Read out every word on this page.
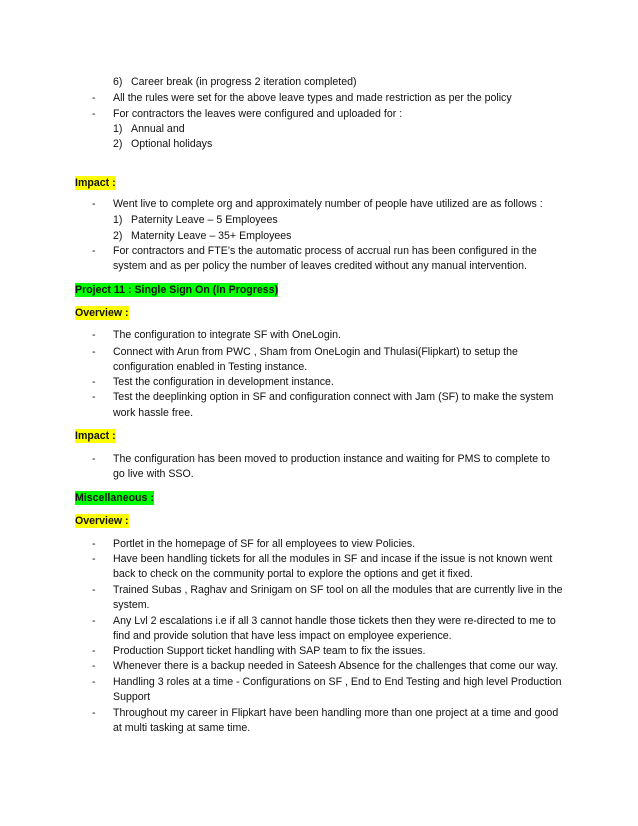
6) Career break (in progress 2 iteration completed)
- All the rules were set for the above leave types and made restriction as per the policy
- For contractors the leaves were configured and uploaded for :
1) Annual and
2) Optional holidays
Impact :
- Went live to complete org and approximately number of people have utilized are as follows :
1) Paternity Leave – 5 Employees
2) Maternity Leave – 35+ Employees
- For contractors and FTE’s the automatic process of accrual run has been configured in the
system and as per policy the number of leaves credited without any manual intervention.
Project 11 : Single Sign On (In Progress)
Overview :
- The configuration to integrate SF with OneLogin.
- Connect with Arun from PWC , Sham from OneLogin and Thulasi(Flipkart) to setup the
configuration enabled in Testing instance.
- Test the configuration in development instance.
- Test the deeplinking option in SF and configuration connect with Jam (SF) to make the system
work hassle free.
Impact :
- The configuration has been moved to production instance and waiting for PMS to complete to
go live with SSO.
Miscellaneous :
Overview :
- Portlet in the homepage of SF for all employees to view Policies.
- Have been handling tickets for all the modules in SF and incase if the issue is not known went
back to check on the community portal to explore the options and get it fixed.
- Trained Subas , Raghav and Srinigam on SF tool on all the modules that are currently live in the
system.
- Any Lvl 2 escalations i.e if all 3 cannot handle those tickets then they were re-directed to me to
find and provide solution that have less impact on employee experience.
- Production Support ticket handling with SAP team to fix the issues.
- Whenever there is a backup needed in Sateesh Absence for the challenges that come our way.
- Handling 3 roles at a time - Configurations on SF , End to End Testing and high level Production
Support
- Throughout my career in Flipkart have been handling more than one project at a time and good
at multi tasking at same time.
